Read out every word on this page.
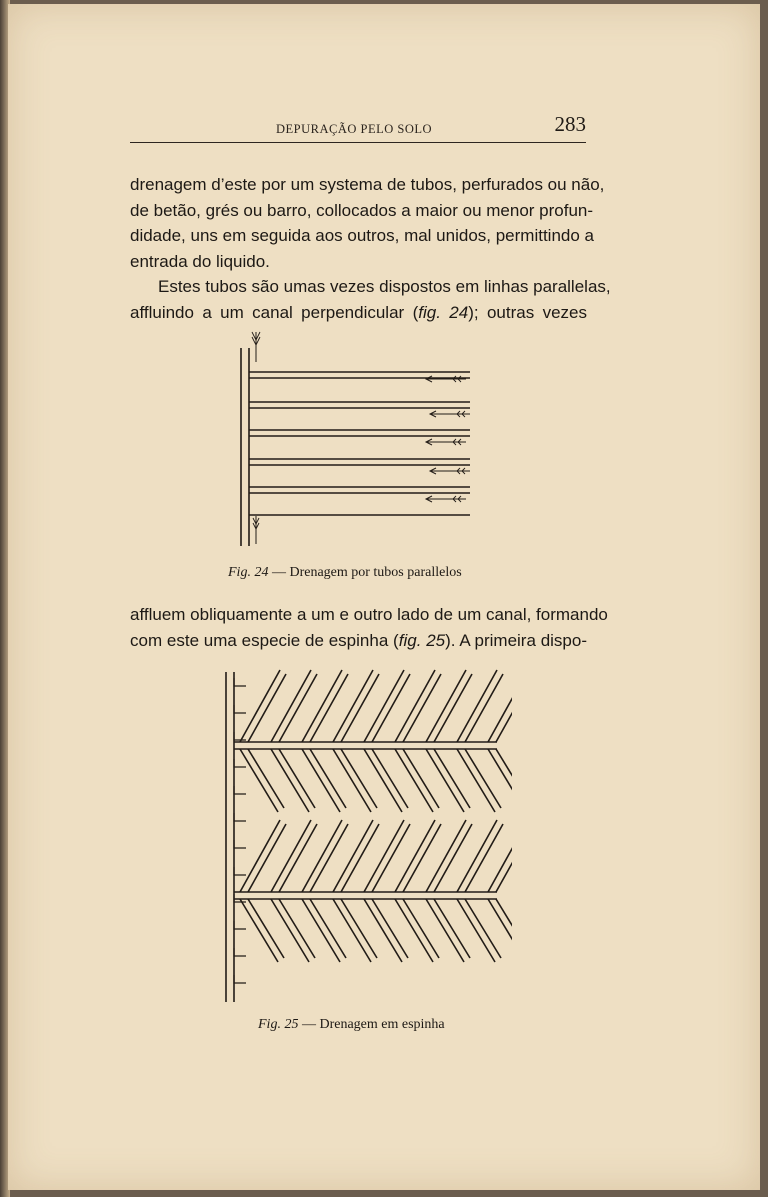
DEPURAÇÃO PELO SOLO	283
drenagem d’este por um systema de tubos, perfurados ou não,
de betão, grés ou barro, collocados a maior ou menor profun-
didade, uns em seguida aos outros, mal unidos, permittindo a
entrada do liquido.
Estes tubos são umas vezes dispostos em linhas parallelas,
affluindo a um canal perpendicular (fig. 24); outras vezes
Fig. 24 — Drenagem por tubos parallelos
affluem obliquamente a um e outro lado de um canal, formando
com este uma especie de espinha (fig. 25). A primeira dispo-
Fig. 25 — Drenagem em espinha
